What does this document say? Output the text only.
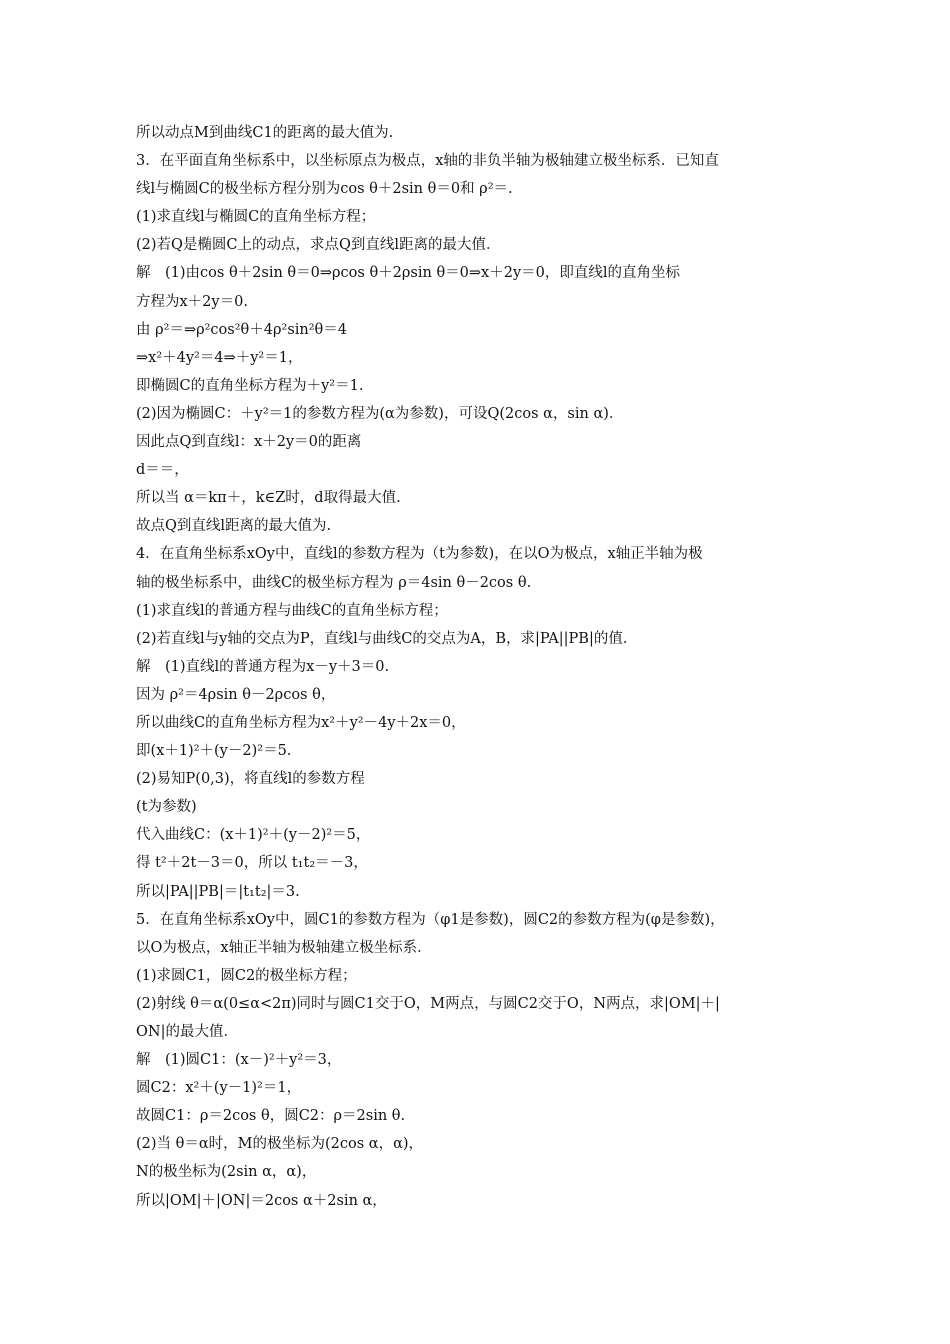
所以动点M到曲线C1的距离的最大值为.
3．在平面直角坐标系中，以坐标原点为极点，x轴的非负半轴为极轴建立极坐标系．已知直
线l与椭圆C的极坐标方程分别为cos θ＋2sin θ＝0和 ρ²＝.
(1)求直线l与椭圆C的直角坐标方程；
(2)若Q是椭圆C上的动点，求点Q到直线l距离的最大值．
解　(1)由cos θ＋2sin θ＝0⇒ρcos θ＋2ρsin θ＝0⇒x＋2y＝0，即直线l的直角坐标
方程为x＋2y＝0.
由 ρ²＝⇒ρ²cos²θ＋4ρ²sin²θ＝4
⇒x²＋4y²＝4⇒＋y²＝1，
即椭圆C的直角坐标方程为＋y²＝1.
(2)因为椭圆C：＋y²＝1的参数方程为(α为参数)，可设Q(2cos α，sin α)．
因此点Q到直线l：x＋2y＝0的距离
d＝＝，
所以当 α＝kπ＋，k∈Z时，d取得最大值.
故点Q到直线l距离的最大值为.
4．在直角坐标系xOy中，直线l的参数方程为（t为参数)，在以O为极点，x轴正半轴为极
轴的极坐标系中，曲线C的极坐标方程为 ρ＝4sin θ－2cos θ.
(1)求直线l的普通方程与曲线C的直角坐标方程；
(2)若直线l与y轴的交点为P，直线l与曲线C的交点为A，B，求|PA||PB|的值．
解　(1)直线l的普通方程为x－y＋3＝0.
因为 ρ²＝4ρsin θ－2ρcos θ，
所以曲线C的直角坐标方程为x²＋y²－4y＋2x＝0，
即(x＋1)²＋(y－2)²＝5.
(2)易知P(0,3)，将直线l的参数方程
(t为参数)
代入曲线C：(x＋1)²＋(y－2)²＝5，
得 t²＋2t－3＝0，所以 t₁t₂＝－3，
所以|PA||PB|＝|t₁t₂|＝3.
5．在直角坐标系xOy中，圆C1的参数方程为（φ1是参数)，圆C2的参数方程为(φ是参数)，
以O为极点，x轴正半轴为极轴建立极坐标系．
(1)求圆C1，圆C2的极坐标方程；
(2)射线 θ＝α(0≤α<2π)同时与圆C1交于O，M两点，与圆C2交于O，N两点，求|OM|＋|
ON|的最大值．
解　(1)圆C1：(x－)²＋y²＝3，
圆C2：x²＋(y－1)²＝1，
故圆C1：ρ＝2cos θ，圆C2：ρ＝2sin θ.
(2)当 θ＝α时，M的极坐标为(2cos α，α)，
N的极坐标为(2sin α，α)，
所以|OM|＋|ON|＝2cos α＋2sin α，
